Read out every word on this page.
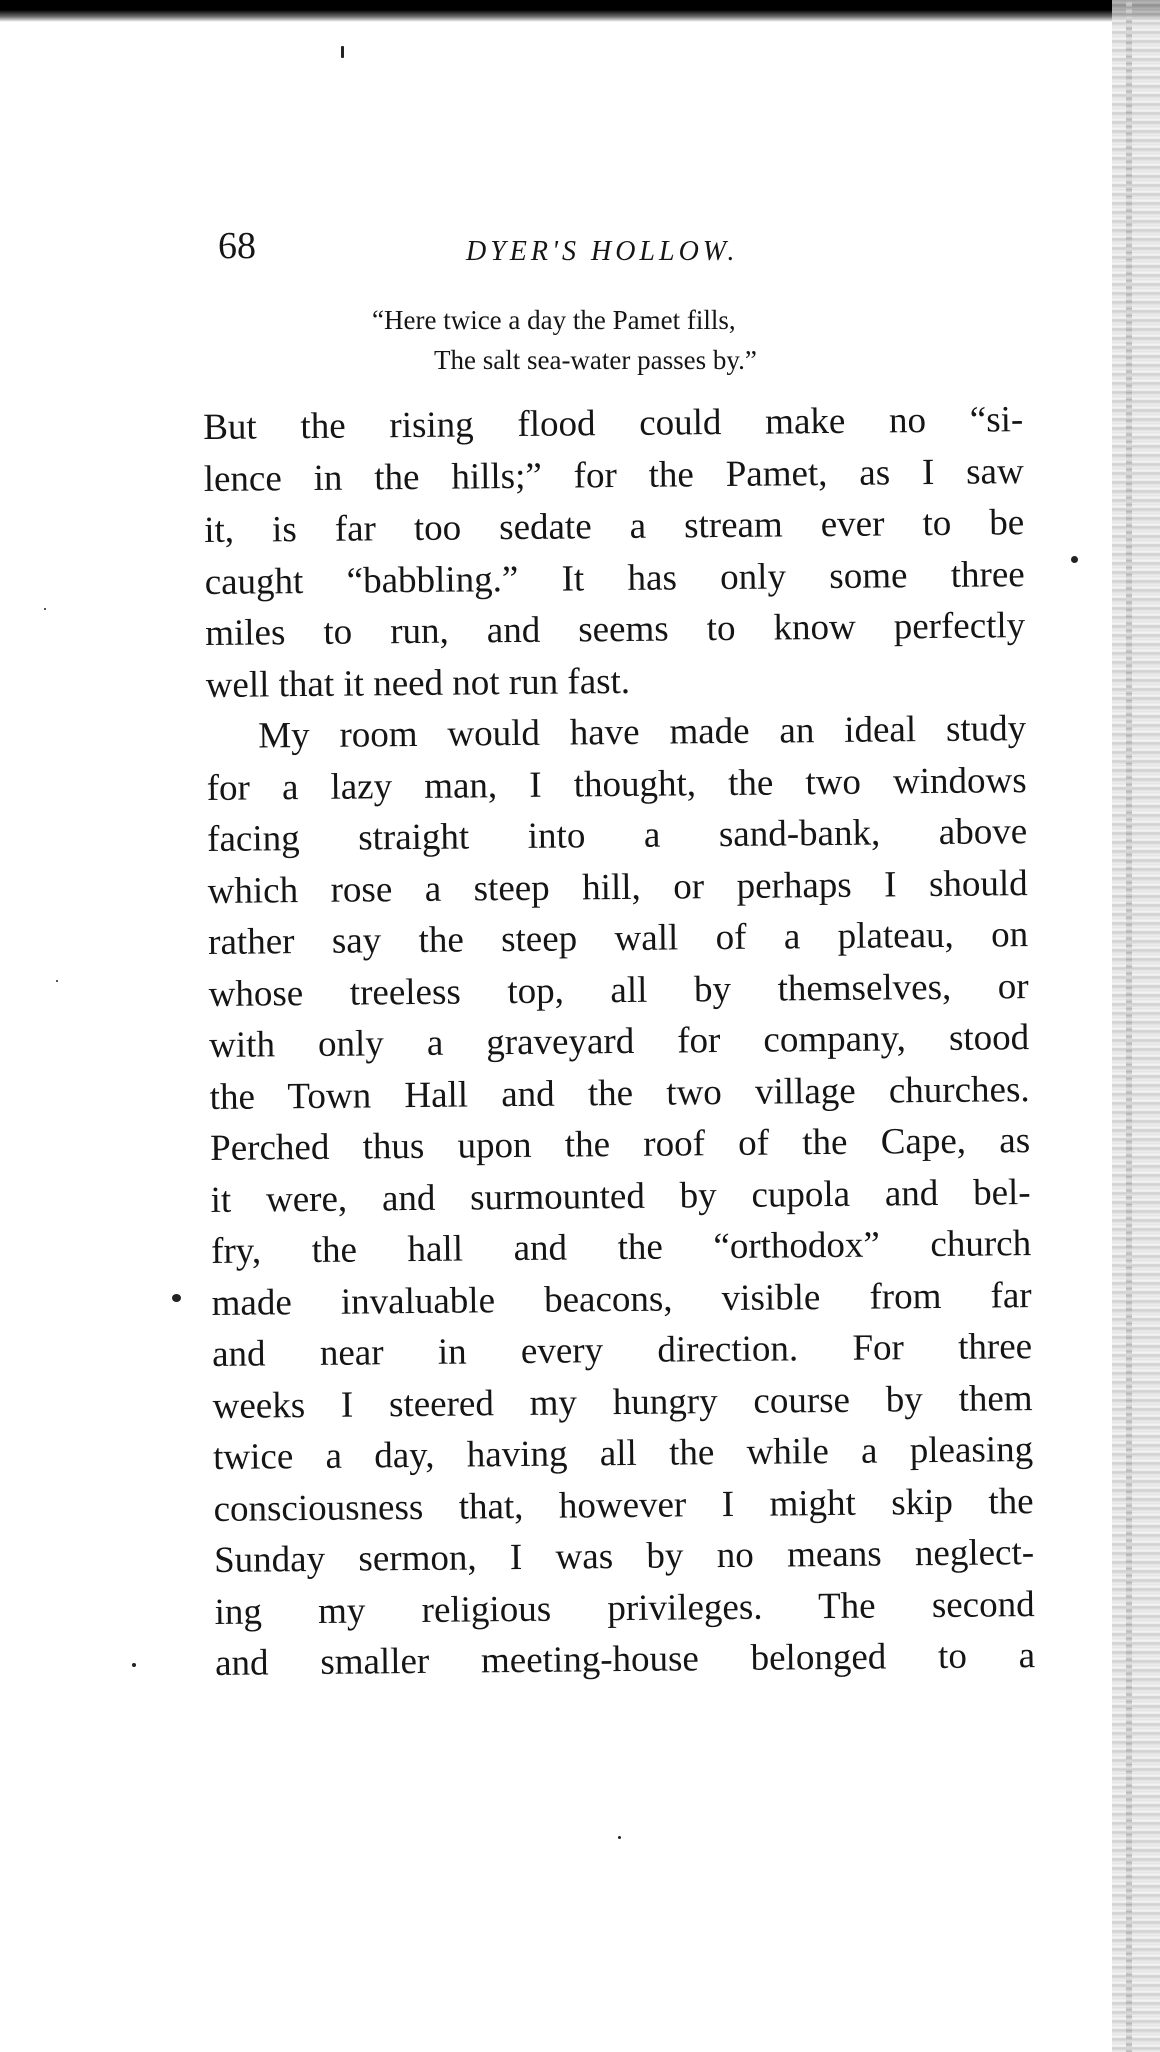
68	DYER'S HOLLOW.
“Here twice a day the Pamet fills,
The salt sea-water passes by.”
But the rising flood could make no “si-
lence in the hills;” for the Pamet, as I saw
it, is far too sedate a stream ever to be
caught “babbling.” It has only some three
miles to run, and seems to know perfectly
well that it need not run fast.
My room would have made an ideal study
for a lazy man, I thought, the two windows
facing straight into a sand-bank, above
which rose a steep hill, or perhaps I should
rather say the steep wall of a plateau, on
whose treeless top, all by themselves, or
with only a graveyard for company, stood
the Town Hall and the two village churches.
Perched thus upon the roof of the Cape, as
it were, and surmounted by cupola and bel-
fry, the hall and the “orthodox” church
made invaluable beacons, visible from far
and near in every direction. For three
weeks I steered my hungry course by them
twice a day, having all the while a pleasing
consciousness that, however I might skip the
Sunday sermon, I was by no means neglect-
ing my religious privileges. The second
and smaller meeting-house belonged to a
